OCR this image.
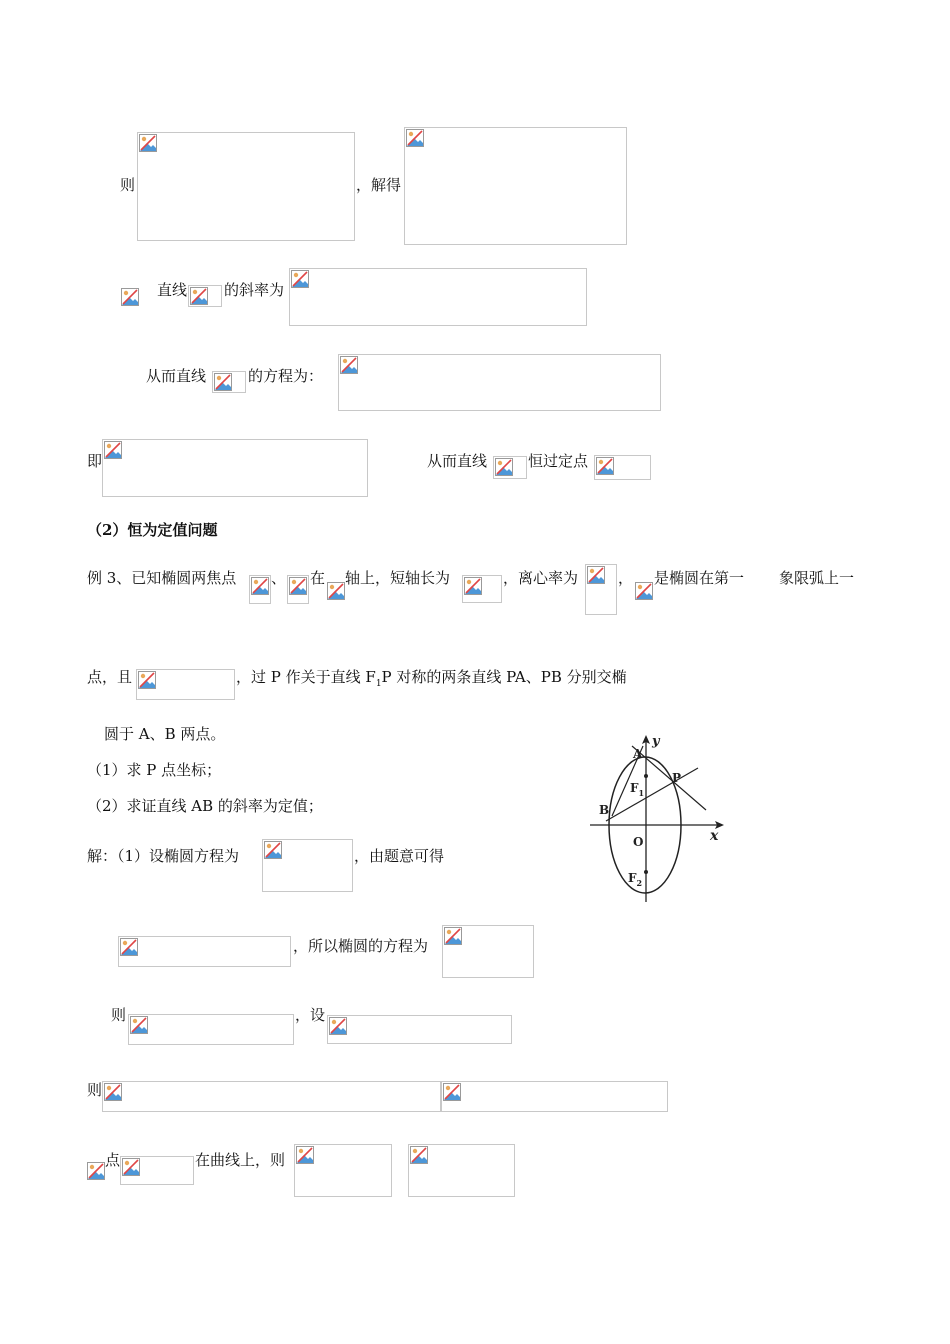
则	，解得
直线 的斜率为
从而直线	的方程为：
即	从而直线	恒过定点
（2）恒为定值问题
例 3、已知椭圆两焦点 、 在 轴上，短轴长为	，离心率为	， 是椭圆在第一 象限弧上一
点，且	，过 P 作关于直线 $F_1P$ 对称的两条直线 PA、PB 分别交椭
圆于 A、B 两点。
（1）求 P 点坐标；
（2）求证直线 AB 的斜率为定值；
y
x
A
B
P
O
$F_1$
$F_2$
解：（1）设椭圆方程为	，由题意可得
，所以椭圆的方程为
则	，设
则
点	在曲线上，则
